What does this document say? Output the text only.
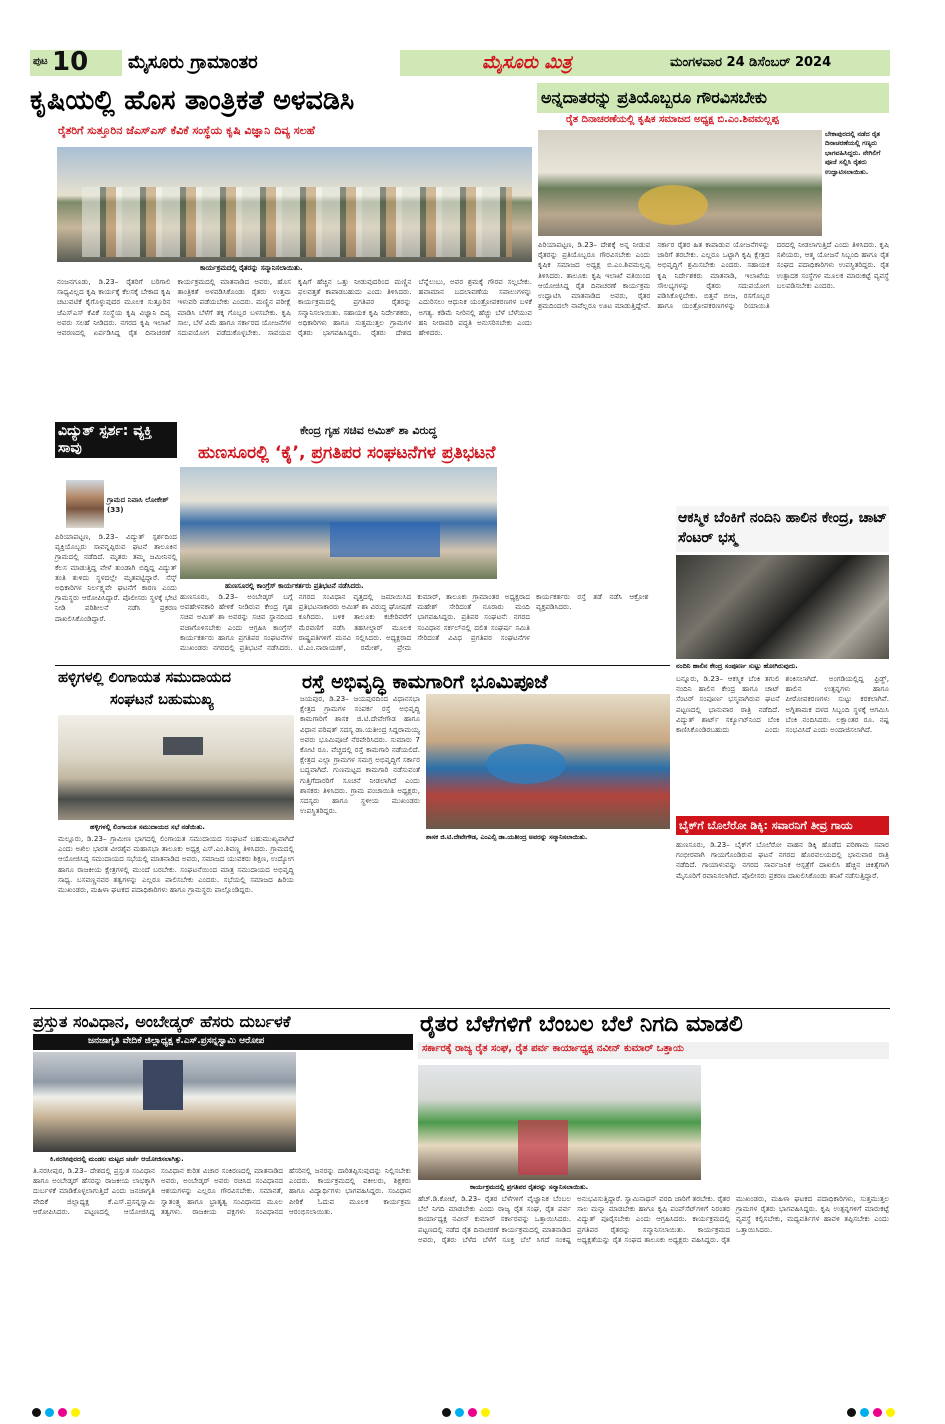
ಪುಟ 10 ಮೈಸೂರು ಗ್ರಾಮಾಂತರ	ಮೈಸೂರು ಮಿತ್ರ	ಮಂಗಳವಾರ 24 ಡಿಸೆಂಬರ್ 2024
ಕೃಷಿಯಲ್ಲಿ ಹೊಸ ತಾಂತ್ರಿಕತೆ ಅಳವಡಿಸಿ
ರೈತರಿಗೆ ಸುತ್ತೂರಿನ ಜೆಎಸ್‌ಎಸ್ ಕೆವಿಕೆ ಸಂಸ್ಥೆಯ ಕೃಷಿ ವಿಜ್ಞಾನಿ ದಿವ್ಯ ಸಲಹೆ
ಕಾರ್ಯಕ್ರಮದಲ್ಲಿ ರೈತರನ್ನು ಸನ್ಮಾನಿಸಲಾಯಿತು.
ನಂಜನಗೂಡು, ಡಿ.23– ರೈತರಿಗೆ ಬರಿಗಾಲಿ ಸಾಧ್ಯವಿಲ್ಲದ ಕೃಷಿ ಕಾರ್ಯಕ್ಕೆ ಕೆಲಸಕ್ಕೆ ಬೇಕಾದ ಕೃಷಿ ಚಟುವಟಿಕೆ ಕೈಗೊಳ್ಳುವುದರ ಮೂಲಕ ಸುತ್ತೂರಿನ ಜೆಎಸ್‌ಎಸ್ ಕೆವಿಕೆ ಸಂಸ್ಥೆಯ ಕೃಷಿ ವಿಜ್ಞಾನಿ ದಿವ್ಯ ಅವರು ಸಲಹೆ ನೀಡಿದರು. ನಗರದ ಕೃಷಿ ಇಲಾಖೆ ಆವರಣದಲ್ಲಿ ಏರ್ಪಡಿಸಿದ್ದ ರೈತ ದಿನಾಚರಣೆ ಕಾರ್ಯಕ್ರಮದಲ್ಲಿ ಮಾತನಾಡಿದ ಅವರು, ಹೊಸ ತಾಂತ್ರಿಕತೆ ಅಳವಡಿಸಿಕೊಂಡು ರೈತರು ಉತ್ತಮ ಇಳುವರಿ ಪಡೆಯಬೇಕು ಎಂದರು. ಮಣ್ಣಿನ ಪರೀಕ್ಷೆ ಮಾಡಿಸಿ ಬೆಳೆಗೆ ತಕ್ಕ ಗೊಬ್ಬರ ಬಳಸಬೇಕು. ಕೃಷಿ ಸಾಲ, ಬೆಳೆ ವಿಮೆ ಹಾಗೂ ಸರ್ಕಾರದ ಯೋಜನೆಗಳ ಸದುಪಯೋಗ ಪಡೆದುಕೊಳ್ಳಬೇಕು. ಸಾವಯವ ಕೃಷಿಗೆ ಹೆಚ್ಚಿನ ಒತ್ತು ನೀಡುವುದರಿಂದ ಮಣ್ಣಿನ ಫಲವತ್ತತೆ ಕಾಪಾಡಬಹುದು ಎಂದು ತಿಳಿಸಿದರು. ಕಾರ್ಯಕ್ರಮದಲ್ಲಿ ಪ್ರಗತಿಪರ ರೈತರನ್ನು ಸನ್ಮಾನಿಸಲಾಯಿತು. ಸಹಾಯಕ ಕೃಷಿ ನಿರ್ದೇಶಕರು, ಅಧಿಕಾರಿಗಳು ಹಾಗೂ ಸುತ್ತಮುತ್ತಲ ಗ್ರಾಮಗಳ ರೈತರು ಭಾಗವಹಿಸಿದ್ದರು. ರೈತರು ದೇಶದ ಬೆನ್ನೆಲುಬು, ಅವರ ಶ್ರಮಕ್ಕೆ ಗೌರವ ಸಲ್ಲಬೇಕು. ಹವಾಮಾನ ಬದಲಾವಣೆಯ ಸವಾಲುಗಳನ್ನು ಎದುರಿಸಲು ಆಧುನಿಕ ಯಂತ್ರೋಪಕರಣಗಳ ಬಳಕೆ ಅಗತ್ಯ. ಕಡಿಮೆ ನೀರಿನಲ್ಲಿ ಹೆಚ್ಚು ಬೆಳೆ ಬೆಳೆಯುವ ಹನಿ ನೀರಾವರಿ ಪದ್ಧತಿ ಅನುಸರಿಸಬೇಕು ಎಂದು ಹೇಳಿದರು.
ಅನ್ನದಾತರನ್ನು ಪ್ರತಿಯೊಬ್ಬರೂ ಗೌರವಿಸಬೇಕು
ರೈತ ದಿನಾಚರಣೆಯಲ್ಲಿ ಕೃಷಿಕ ಸಮಾಜದ ಅಧ್ಯಕ್ಷ ಬಿ.ಎಂ.ಶಿವಮಲ್ಲಪ್ಪ
ಬೇಕಾಪುರದಲ್ಲಿ ನಡೆದ ರೈತ ದಿನಾಚರಣೆಯಲ್ಲಿ ಗಣ್ಯರು ಭಾಗವಹಿಸಿದ್ದರು. ನೇಗಿಲಿಗೆ ಪೂಜೆ ಸಲ್ಲಿಸಿ ರೈತರು ಉದ್ಘಾಟಿಸಲಾಯಿತು.
ಪಿರಿಯಾಪಟ್ಟಣ, ಡಿ.23– ದೇಶಕ್ಕೆ ಅನ್ನ ನೀಡುವ ರೈತರನ್ನು ಪ್ರತಿಯೊಬ್ಬರೂ ಗೌರವಿಸಬೇಕು ಎಂದು ಕೃಷಿಕ ಸಮಾಜದ ಅಧ್ಯಕ್ಷ ಬಿ.ಎಂ.ಶಿವಮಲ್ಲಪ್ಪ ತಿಳಿಸಿದರು. ತಾಲೂಕು ಕೃಷಿ ಇಲಾಖೆ ವತಿಯಿಂದ ಆಯೋಜಿಸಿದ್ದ ರೈತ ದಿನಾಚರಣೆ ಕಾರ್ಯಕ್ರಮ ಉದ್ಘಾಟಿಸಿ ಮಾತನಾಡಿದ ಅವರು, ರೈತರ ಶ್ರಮದಿಂದಲೇ ನಾವೆಲ್ಲರೂ ಊಟ ಮಾಡುತ್ತಿದ್ದೇವೆ. ಸರ್ಕಾರ ರೈತರ ಹಿತ ಕಾಪಾಡುವ ಯೋಜನೆಗಳನ್ನು ಜಾರಿಗೆ ತರಬೇಕು. ಎಲ್ಲರೂ ಒಟ್ಟಾಗಿ ಕೃಷಿ ಕ್ಷೇತ್ರದ ಅಭಿವೃದ್ಧಿಗೆ ಶ್ರಮಿಸಬೇಕು ಎಂದರು. ಸಹಾಯಕ ಕೃಷಿ ನಿರ್ದೇಶಕರು ಮಾತನಾಡಿ, ಇಲಾಖೆಯ ಸೌಲಭ್ಯಗಳನ್ನು ರೈತರು ಸದುಪಯೋಗ ಪಡಿಸಿಕೊಳ್ಳಬೇಕು. ಬಿತ್ತನೆ ಬೀಜ, ರಸಗೊಬ್ಬರ ಹಾಗೂ ಯಂತ್ರೋಪಕರಣಗಳನ್ನು ರಿಯಾಯಿತಿ ದರದಲ್ಲಿ ನೀಡಲಾಗುತ್ತಿದೆ ಎಂದು ತಿಳಿಸಿದರು. ಕೃಷಿ ಸಖಿಯರು, ಆತ್ಮ ಯೋಜನೆ ಸಿಬ್ಬಂದಿ ಹಾಗೂ ರೈತ ಸಂಘದ ಪದಾಧಿಕಾರಿಗಳು ಉಪಸ್ಥಿತರಿದ್ದರು. ರೈತ ಉತ್ಪಾದಕ ಸಂಸ್ಥೆಗಳ ಮೂಲಕ ಮಾರುಕಟ್ಟೆ ವ್ಯವಸ್ಥೆ ಬಲಪಡಿಸಬೇಕು ಎಂದರು.
ವಿದ್ಯುತ್ ಸ್ಪರ್ಶ: ವ್ಯಕ್ತಿ ಸಾವು
ಗ್ರಾಮದ ನಿವಾಸಿ ಲೋಕೇಶ್ (33)
ಪಿರಿಯಾಪಟ್ಟಣ, ಡಿ.23– ವಿದ್ಯುತ್ ಸ್ಪರ್ಶದಿಂದ ವ್ಯಕ್ತಿಯೊಬ್ಬರು ಸಾವನ್ನಪ್ಪಿರುವ ಘಟನೆ ತಾಲೂಕಿನ ಗ್ರಾಮದಲ್ಲಿ ನಡೆದಿದೆ. ಮೃತರು ತಮ್ಮ ಜಮೀನಿನಲ್ಲಿ ಕೆಲಸ ಮಾಡುತ್ತಿದ್ದ ವೇಳೆ ತುಂಡಾಗಿ ಬಿದ್ದಿದ್ದ ವಿದ್ಯುತ್ ತಂತಿ ತುಳಿದು ಸ್ಥಳದಲ್ಲೇ ಮೃತಪಟ್ಟಿದ್ದಾರೆ. ಸೆಸ್ಕ್ ಅಧಿಕಾರಿಗಳ ನಿರ್ಲಕ್ಷ್ಯವೇ ಘಟನೆಗೆ ಕಾರಣ ಎಂದು ಗ್ರಾಮಸ್ಥರು ಆರೋಪಿಸಿದ್ದಾರೆ. ಪೊಲೀಸರು ಸ್ಥಳಕ್ಕೆ ಭೇಟಿ ನೀಡಿ ಪರಿಶೀಲನೆ ನಡೆಸಿ ಪ್ರಕರಣ ದಾಖಲಿಸಿಕೊಂಡಿದ್ದಾರೆ.
ಕೇಂದ್ರ ಗೃಹ ಸಚಿವ ಅಮಿತ್ ಶಾ ವಿರುದ್ಧ
ಹುಣಸೂರಲ್ಲಿ ‘ಕೈ’, ಪ್ರಗತಿಪರ ಸಂಘಟನೆಗಳ ಪ್ರತಿಭಟನೆ
ಹುಣಸೂರಲ್ಲಿ ಕಾಂಗ್ರೆಸ್ ಕಾರ್ಯಕರ್ತರು ಪ್ರತಿಭಟನೆ ನಡೆಸಿದರು.
ಹುಣಸೂರು, ಡಿ.23– ಅಂಬೇಡ್ಕರ್ ಬಗ್ಗೆ ಅವಹೇಳನಕಾರಿ ಹೇಳಿಕೆ ನೀಡಿರುವ ಕೇಂದ್ರ ಗೃಹ ಸಚಿವ ಅಮಿತ್ ಶಾ ಅವರನ್ನು ಸಚಿವ ಸ್ಥಾನದಿಂದ ವಜಾಗೊಳಿಸಬೇಕು ಎಂದು ಆಗ್ರಹಿಸಿ ಕಾಂಗ್ರೆಸ್ ಕಾರ್ಯಕರ್ತರು ಹಾಗೂ ಪ್ರಗತಿಪರ ಸಂಘಟನೆಗಳ ಮುಖಂಡರು ನಗರದಲ್ಲಿ ಪ್ರತಿಭಟನೆ ನಡೆಸಿದರು. ನಗರದ ಸಂವಿಧಾನ ವೃತ್ತದಲ್ಲಿ ಜಮಾಯಿಸಿದ ಪ್ರತಿಭಟನಾಕಾರರು ಅಮಿತ್ ಶಾ ವಿರುದ್ಧ ಘೋಷಣೆ ಕೂಗಿದರು. ಬಳಿಕ ತಾಲೂಕು ಕಚೇರಿವರೆಗೆ ಮೆರವಣಿಗೆ ನಡೆಸಿ ತಹಸೀಲ್ದಾರ್ ಮೂಲಕ ರಾಷ್ಟ್ರಪತಿಗಳಿಗೆ ಮನವಿ ಸಲ್ಲಿಸಿದರು. ಅಧ್ಯಕ್ಷರಾದ ಟಿ.ಎಂ.ನಾರಾಯಣ್, ರಮೇಶ್, ಪ್ರೇಮ ಕುಮಾರ್, ತಾಲೂಕು ಗ್ರಾಮಾಂತರ ಅಧ್ಯಕ್ಷರಾದ ಮಹೇಶ್ ಸೇರಿದಂತೆ ನೂರಾರು ಮಂದಿ ಭಾಗವಹಿಸಿದ್ದರು. ಪ್ರತಿಪರ ಸಂಘಟನೆ: ನಗರದ ಸಂವಿಧಾನ ಸರ್ಕಲ್‌ನಲ್ಲಿ ದಲಿತ ಸಂಘರ್ಷ ಸಮಿತಿ ಸೇರಿದಂತೆ ವಿವಿಧ ಪ್ರಗತಿಪರ ಸಂಘಟನೆಗಳ ಕಾರ್ಯಕರ್ತರು ರಸ್ತೆ ತಡೆ ನಡೆಸಿ ಆಕ್ರೋಶ ವ್ಯಕ್ತಪಡಿಸಿದರು.
ಆಕಸ್ಮಿಕ ಬೆಂಕಿಗೆ ನಂದಿನಿ ಹಾಲಿನ ಕೇಂದ್ರ, ಚಾಟ್ ಸೆಂಟರ್ ಭಸ್ಮ
ನಂದಿನಿ ಹಾಲಿನ ಕೇಂದ್ರ ಸಂಪೂರ್ಣ ಸುಟ್ಟು ಹೋಗಿರುವುದು.
ಬನ್ನೂರು, ಡಿ.23– ಆಕಸ್ಮಿಕ ಬೆಂಕಿ ತಗುಲಿ ನಂದಿನಿ ಹಾಲಿನ ಕೇಂದ್ರ ಹಾಗೂ ಚಾಟ್ ಸೆಂಟರ್ ಸಂಪೂರ್ಣ ಭಸ್ಮವಾಗಿರುವ ಘಟನೆ ಪಟ್ಟಣದಲ್ಲಿ ಭಾನುವಾರ ರಾತ್ರಿ ನಡೆದಿದೆ. ವಿದ್ಯುತ್ ಶಾರ್ಟ್ ಸರ್ಕ್ಯೂಟ್‌ನಿಂದ ಬೆಂಕಿ ಕಾಣಿಸಿಕೊಂಡಿರಬಹುದು ಎಂದು ಶಂಕಿಸಲಾಗಿದೆ. ಅಂಗಡಿಯಲ್ಲಿದ್ದ ಫ್ರಿಡ್ಜ್, ಹಾಲಿನ ಉತ್ಪನ್ನಗಳು ಹಾಗೂ ಪೀಠೋಪಕರಣಗಳು ಸುಟ್ಟು ಕರಕಲಾಗಿವೆ. ಅಗ್ನಿಶಾಮಕ ದಳದ ಸಿಬ್ಬಂದಿ ಸ್ಥಳಕ್ಕೆ ಆಗಮಿಸಿ ಬೆಂಕಿ ನಂದಿಸಿದರು. ಲಕ್ಷಾಂತರ ರೂ. ನಷ್ಟ ಸಂಭವಿಸಿದೆ ಎಂದು ಅಂದಾಜಿಸಲಾಗಿದೆ.
ಹಳ್ಳಿಗಳಲ್ಲಿ ಲಿಂಗಾಯತ ಸಮುದಾಯದ
ಸಂಘಟನೆ ಬಹುಮುಖ್ಯ
ಹಳ್ಳಿಗಳಲ್ಲಿ ಲಿಂಗಾಯತ ಸಮುದಾಯದ ಸಭೆ ನಡೆಯಿತು.
ಮಲ್ಲೂರು, ಡಿ.23– ಗ್ರಾಮೀಣ ಭಾಗದಲ್ಲಿ ಲಿಂಗಾಯತ ಸಮುದಾಯದ ಸಂಘಟನೆ ಬಹುಮುಖ್ಯವಾಗಿದೆ ಎಂದು ಅಖಿಲ ಭಾರತ ವೀರಶೈವ ಮಹಾಸಭಾ ತಾಲೂಕು ಅಧ್ಯಕ್ಷ ಎಸ್.ಎಂ.ಶಿವಣ್ಣ ತಿಳಿಸಿದರು. ಗ್ರಾಮದಲ್ಲಿ ಆಯೋಜಿಸಿದ್ದ ಸಮುದಾಯದ ಸಭೆಯಲ್ಲಿ ಮಾತನಾಡಿದ ಅವರು, ಸಮಾಜದ ಯುವಕರು ಶಿಕ್ಷಣ, ಉದ್ಯೋಗ ಹಾಗೂ ರಾಜಕೀಯ ಕ್ಷೇತ್ರಗಳಲ್ಲಿ ಮುಂದೆ ಬರಬೇಕು. ಸಂಘಟನೆಯಿಂದ ಮಾತ್ರ ಸಮುದಾಯದ ಅಭಿವೃದ್ಧಿ ಸಾಧ್ಯ. ಬಸವಣ್ಣನವರ ತತ್ವಗಳನ್ನು ಎಲ್ಲರೂ ಪಾಲಿಸಬೇಕು ಎಂದರು. ಸಭೆಯಲ್ಲಿ ಸಮಾಜದ ಹಿರಿಯ ಮುಖಂಡರು, ಮಹಿಳಾ ಘಟಕದ ಪದಾಧಿಕಾರಿಗಳು ಹಾಗೂ ಗ್ರಾಮಸ್ಥರು ಪಾಲ್ಗೊಂಡಿದ್ದರು.
ರಸ್ತೆ ಅಭಿವೃದ್ಧಿ ಕಾಮಗಾರಿಗೆ ಭೂಮಿಪೂಜೆ
ಜಯಪುರ, ಡಿ.23– ಜಯಪುರದಿಂದ ವಿಧಾನಸಭಾ ಕ್ಷೇತ್ರದ ಗ್ರಾಮಗಳ ಸಂಪರ್ಕ ರಸ್ತೆ ಅಭಿವೃದ್ಧಿ ಕಾಮಗಾರಿಗೆ ಶಾಸಕ ಜಿ.ಟಿ.ದೇವೇಗೌಡ ಹಾಗೂ ವಿಧಾನ ಪರಿಷತ್ ಸದಸ್ಯ ಡಾ.ಯತೀಂದ್ರ ಸಿದ್ದರಾಮಯ್ಯ ಅವರು ಭೂಮಿಪೂಜೆ ನೆರವೇರಿಸಿದರು. ಸುಮಾರು 7 ಕೋಟಿ ರೂ. ವೆಚ್ಚದಲ್ಲಿ ರಸ್ತೆ ಕಾಮಗಾರಿ ನಡೆಯಲಿದೆ. ಕ್ಷೇತ್ರದ ಎಲ್ಲಾ ಗ್ರಾಮಗಳ ಸಮಗ್ರ ಅಭಿವೃದ್ಧಿಗೆ ಸರ್ಕಾರ ಬದ್ಧವಾಗಿದೆ. ಗುಣಮಟ್ಟದ ಕಾಮಗಾರಿ ನಡೆಸುವಂತೆ ಗುತ್ತಿಗೆದಾರರಿಗೆ ಸೂಚನೆ ನೀಡಲಾಗಿದೆ ಎಂದು ಶಾಸಕರು ತಿಳಿಸಿದರು. ಗ್ರಾಮ ಪಂಚಾಯಿತಿ ಅಧ್ಯಕ್ಷರು, ಸದಸ್ಯರು ಹಾಗೂ ಸ್ಥಳೀಯ ಮುಖಂಡರು ಉಪಸ್ಥಿತರಿದ್ದರು.
ಶಾಸಕ ಜಿ.ಟಿ.ದೇವೇಗೌಡ, ಎಂಎಲ್ಸಿ ಡಾ.ಯತೀಂದ್ರ ಅವರನ್ನು ಸನ್ಮಾನಿಸಲಾಯಿತು.
ಬೈಕ್‌ಗೆ ಬೊಲೆರೋ ಡಿಕ್ಕಿ: ಸವಾರನಿಗೆ ತೀವ್ರ ಗಾಯ
ಹುಣಸೂರು, ಡಿ.23– ಬೈಕ್‌ಗೆ ಬೊಲೆರೋ ವಾಹನ ಡಿಕ್ಕಿ ಹೊಡೆದ ಪರಿಣಾಮ ಸವಾರ ಗಂಭೀರವಾಗಿ ಗಾಯಗೊಂಡಿರುವ ಘಟನೆ ನಗರದ ಹೊರವಲಯದಲ್ಲಿ ಭಾನುವಾರ ರಾತ್ರಿ ನಡೆದಿದೆ. ಗಾಯಾಳುವನ್ನು ನಗರದ ಸಾರ್ವಜನಿಕ ಆಸ್ಪತ್ರೆಗೆ ದಾಖಲಿಸಿ ಹೆಚ್ಚಿನ ಚಿಕಿತ್ಸೆಗಾಗಿ ಮೈಸೂರಿಗೆ ರವಾನಿಸಲಾಗಿದೆ. ಪೊಲೀಸರು ಪ್ರಕರಣ ದಾಖಲಿಸಿಕೊಂಡು ತನಿಖೆ ನಡೆಸುತ್ತಿದ್ದಾರೆ.
ಪ್ರಸ್ತುತ ಸಂವಿಧಾನ, ಅಂಬೇಡ್ಕರ್ ಹೆಸರು ದುರ್ಬಳಕೆ
ಜನಜಾಗೃತಿ ವೇದಿಕೆ ಜಿಲ್ಲಾಧ್ಯಕ್ಷ ಕೆ.ಎಸ್.ಪ್ರಸನ್ನಸ್ವಾಮಿ ಆರೋಪ
ಕಿ.ನರಸೀಪುರದಲ್ಲಿ ಮಂಡಲ ಮಟ್ಟದ ಚರ್ಚೆ ಆಯೋಜಿಸಲಾಗಿತ್ತು.
ತಿ.ನರಸೀಪುರ, ಡಿ.23– ದೇಶದಲ್ಲಿ ಪ್ರಸ್ತುತ ಸಂವಿಧಾನ ಹಾಗೂ ಅಂಬೇಡ್ಕರ್ ಹೆಸರನ್ನು ರಾಜಕೀಯ ಲಾಭಕ್ಕಾಗಿ ದುರ್ಬಳಕೆ ಮಾಡಿಕೊಳ್ಳಲಾಗುತ್ತಿದೆ ಎಂದು ಜನಜಾಗೃತಿ ವೇದಿಕೆ ಜಿಲ್ಲಾಧ್ಯಕ್ಷ ಕೆ.ಎಸ್.ಪ್ರಸನ್ನಸ್ವಾಮಿ ಆರೋಪಿಸಿದರು. ಪಟ್ಟಣದಲ್ಲಿ ಆಯೋಜಿಸಿದ್ದ ಸಂವಿಧಾನ ಕುರಿತ ವಿಚಾರ ಸಂಕಿರಣದಲ್ಲಿ ಮಾತನಾಡಿದ ಅವರು, ಅಂಬೇಡ್ಕರ್ ಅವರು ರಚಿಸಿದ ಸಂವಿಧಾನದ ಆಶಯಗಳನ್ನು ಎಲ್ಲರೂ ಗೌರವಿಸಬೇಕು. ಸಮಾನತೆ, ಸ್ವಾತಂತ್ರ್ಯ ಹಾಗೂ ಭ್ರಾತೃತ್ವ ಸಂವಿಧಾನದ ಮೂಲ ತತ್ವಗಳು. ರಾಜಕೀಯ ಪಕ್ಷಗಳು ಸಂವಿಧಾನದ ಹೆಸರಿನಲ್ಲಿ ಜನರನ್ನು ದಾರಿತಪ್ಪಿಸುವುದನ್ನು ನಿಲ್ಲಿಸಬೇಕು ಎಂದರು. ಕಾರ್ಯಕ್ರಮದಲ್ಲಿ ವಕೀಲರು, ಶಿಕ್ಷಕರು ಹಾಗೂ ವಿದ್ಯಾರ್ಥಿಗಳು ಭಾಗವಹಿಸಿದ್ದರು. ಸಂವಿಧಾನ ಪೀಠಿಕೆ ಓದುವ ಮೂಲಕ ಕಾರ್ಯಕ್ರಮ ಆರಂಭಿಸಲಾಯಿತು.
ರೈತರ ಬೆಳೆಗಳಿಗೆ ಬೆಂಬಲ ಬೆಲೆ ನಿಗದಿ ಮಾಡಲಿ
ಸರ್ಕಾರಕ್ಕೆ ರಾಜ್ಯ ರೈತ ಸಂಘ, ರೈತ ಪರ್ವ ಕಾರ್ಯಾಧ್ಯಕ್ಷ ನವೀನ್ ಕುಮಾರ್ ಒತ್ತಾಯ
ಕಾರ್ಯಕ್ರಮದಲ್ಲಿ ಪ್ರಗತಿಪರ ರೈತರನ್ನು ಸನ್ಮಾನಿಸಲಾಯಿತು.
ಹೆಚ್.ಡಿ.ಕೋಟೆ, ಡಿ.23– ರೈತರ ಬೆಳೆಗಳಿಗೆ ವೈಜ್ಞಾನಿಕ ಬೆಂಬಲ ಬೆಲೆ ನಿಗದಿ ಮಾಡಬೇಕು ಎಂದು ರಾಜ್ಯ ರೈತ ಸಂಘ, ರೈತ ಪರ್ವ ಕಾರ್ಯಾಧ್ಯಕ್ಷ ನವೀನ್ ಕುಮಾರ್ ಸರ್ಕಾರವನ್ನು ಒತ್ತಾಯಿಸಿದರು. ಪಟ್ಟಣದಲ್ಲಿ ನಡೆದ ರೈತ ದಿನಾಚರಣೆ ಕಾರ್ಯಕ್ರಮದಲ್ಲಿ ಮಾತನಾಡಿದ ಅವರು, ರೈತರು ಬೆಳೆದ ಬೆಳೆಗೆ ಸೂಕ್ತ ಬೆಲೆ ಸಿಗದೆ ಸಂಕಷ್ಟ ಅನುಭವಿಸುತ್ತಿದ್ದಾರೆ. ಸ್ವಾಮಿನಾಥನ್ ವರದಿ ಜಾರಿಗೆ ತರಬೇಕು. ರೈತರ ಸಾಲ ಮನ್ನಾ ಮಾಡಬೇಕು ಹಾಗೂ ಕೃಷಿ ಪಂಪ್‌ಸೆಟ್‌ಗಳಿಗೆ ನಿರಂತರ ವಿದ್ಯುತ್ ಪೂರೈಸಬೇಕು ಎಂದು ಆಗ್ರಹಿಸಿದರು. ಕಾರ್ಯಕ್ರಮದಲ್ಲಿ ಪ್ರಗತಿಪರ ರೈತರನ್ನು ಸನ್ಮಾನಿಸಲಾಯಿತು. ಕಾರ್ಯಕ್ರಮದ ಅಧ್ಯಕ್ಷತೆಯನ್ನು ರೈತ ಸಂಘದ ತಾಲೂಕು ಅಧ್ಯಕ್ಷರು ವಹಿಸಿದ್ದರು. ರೈತ ಮುಖಂಡರು, ಮಹಿಳಾ ಘಟಕದ ಪದಾಧಿಕಾರಿಗಳು, ಸುತ್ತಮುತ್ತಲ ಗ್ರಾಮಗಳ ರೈತರು ಭಾಗವಹಿಸಿದ್ದರು. ಕೃಷಿ ಉತ್ಪನ್ನಗಳಿಗೆ ಮಾರುಕಟ್ಟೆ ವ್ಯವಸ್ಥೆ ಕಲ್ಪಿಸಬೇಕು, ಮಧ್ಯವರ್ತಿಗಳ ಹಾವಳಿ ತಪ್ಪಿಸಬೇಕು ಎಂದು ಒತ್ತಾಯಿಸಿದರು.
